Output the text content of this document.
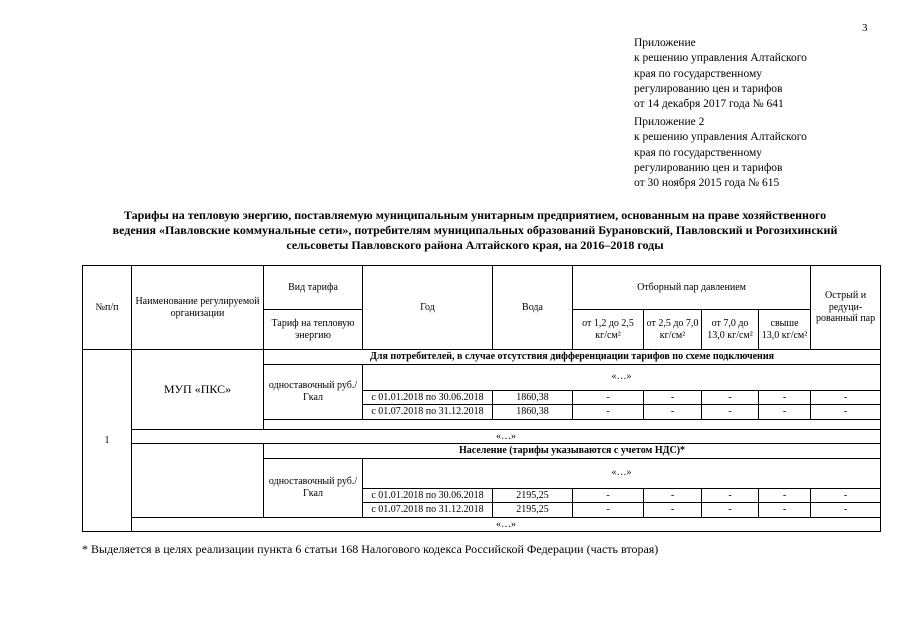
3
Приложение
к решению управления Алтайского
края по государственному
регулированию цен и тарифов
от 14 декабря 2017 года № 641
Приложение 2
к решению управления Алтайского
края по государственному
регулированию цен и тарифов
от 30 ноября 2015 года № 615
Тарифы на тепловую энергию, поставляемую муниципальным унитарным предприятием, основанным на праве хозяйственного
ведения «Павловские коммунальные сети», потребителям муниципальных образований Бурановский, Павловский и Рогозихинский
сельсоветы Павловского района Алтайского края, на 2016–2018 годы
№п/п	Наименование регулируемой организации	Вид тарифа	Год	Вода	Отборный пар давлением				Острый и редуци-рованный пар
		Тариф на тепловую энергию			от 1,2 до 2,5 кг/см²	от 2,5 до 7,0 кг/см²	от 7,0 до 13,0 кг/см²	свыше 13,0 кг/см²	
1	МУП «ПКС»	Для потребителей, в случае отсутствия дифференциации тарифов по схеме подключения							
		одноставочный руб./Гкал	«…»						
			с 01.01.2018 по 30.06.2018	1860,38	-	-	-	-	-
			с 01.07.2018 по 31.12.2018	1860,38	-	-	-	-	-

	«…»								
		Население (тарифы указываются с учетом НДС)*							
		одноставочный руб./Гкал	«…»						
			с 01.01.2018 по 30.06.2018	2195,25	-	-	-	-	-
			с 01.07.2018 по 31.12.2018	2195,25	-	-	-	-	-
	«…»								
* Выделяется в целях реализации пункта 6 статьи 168 Налогового кодекса Российской Федерации (часть вторая)
